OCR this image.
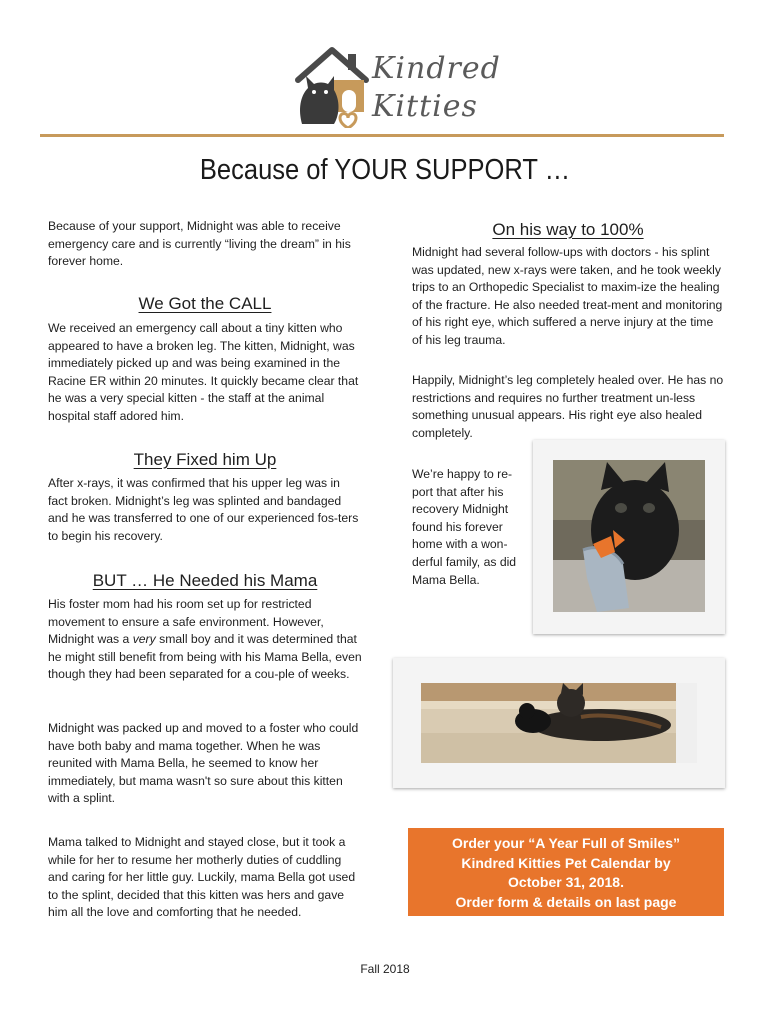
Kindred
Kitties
Because of YOUR SUPPORT …

Because of your support, Midnight was able to receive emergency care and is currently “living the dream” in his forever home.

We Got the CALL

We received an emergency call about a tiny kitten who appeared to have a broken leg. The kitten, Midnight, was immediately picked up and was being examined in the Racine ER within 20 minutes. It quickly became clear that he was a very special kitten - the staff at the animal hospital staff adored him.

They Fixed him Up

After x-rays, it was confirmed that his upper leg was in fact broken. Midnight’s leg was splinted and bandaged and he was transferred to one of our experienced fos-ters to begin his recovery.

BUT … He Needed his Mama

His foster mom had his room set up for restricted movement to ensure a safe environment. However, Midnight was a very small boy and it was determined that he might still benefit from being with his Mama Bella, even though they had been separated for a cou-ple of weeks.

Midnight was packed up and moved to a foster who could have both baby and mama together. When he was reunited with Mama Bella, he seemed to know her immediately, but mama wasn't so sure about this kitten with a splint.

Mama talked to Midnight and stayed close, but it took a while for her to resume her motherly duties of cuddling and caring for her little guy. Luckily, mama Bella got used to the splint, decided that this kitten was hers and gave him all the love and comforting that he needed.

On his way to 100%

Midnight had several follow-ups with doctors - his splint was updated, new x-rays were taken, and he took weekly trips to an Orthopedic Specialist to maxim-ize the healing of the fracture. He also needed treat-ment and monitoring of his right eye, which suffered a nerve injury at the time of his leg trauma.

Happily, Midnight’s leg completely healed over. He has no restrictions and requires no further treatment un-less something unusual appears. His right eye also healed completely.

We’re happy to re-port that after his recovery Midnight found his forever home with a won-derful family, as did Mama Bella.

Order your “A Year Full of Smiles”
Kindred Kitties Pet Calendar by
October 31, 2018.
Order form & details on last page
Fall 2018
